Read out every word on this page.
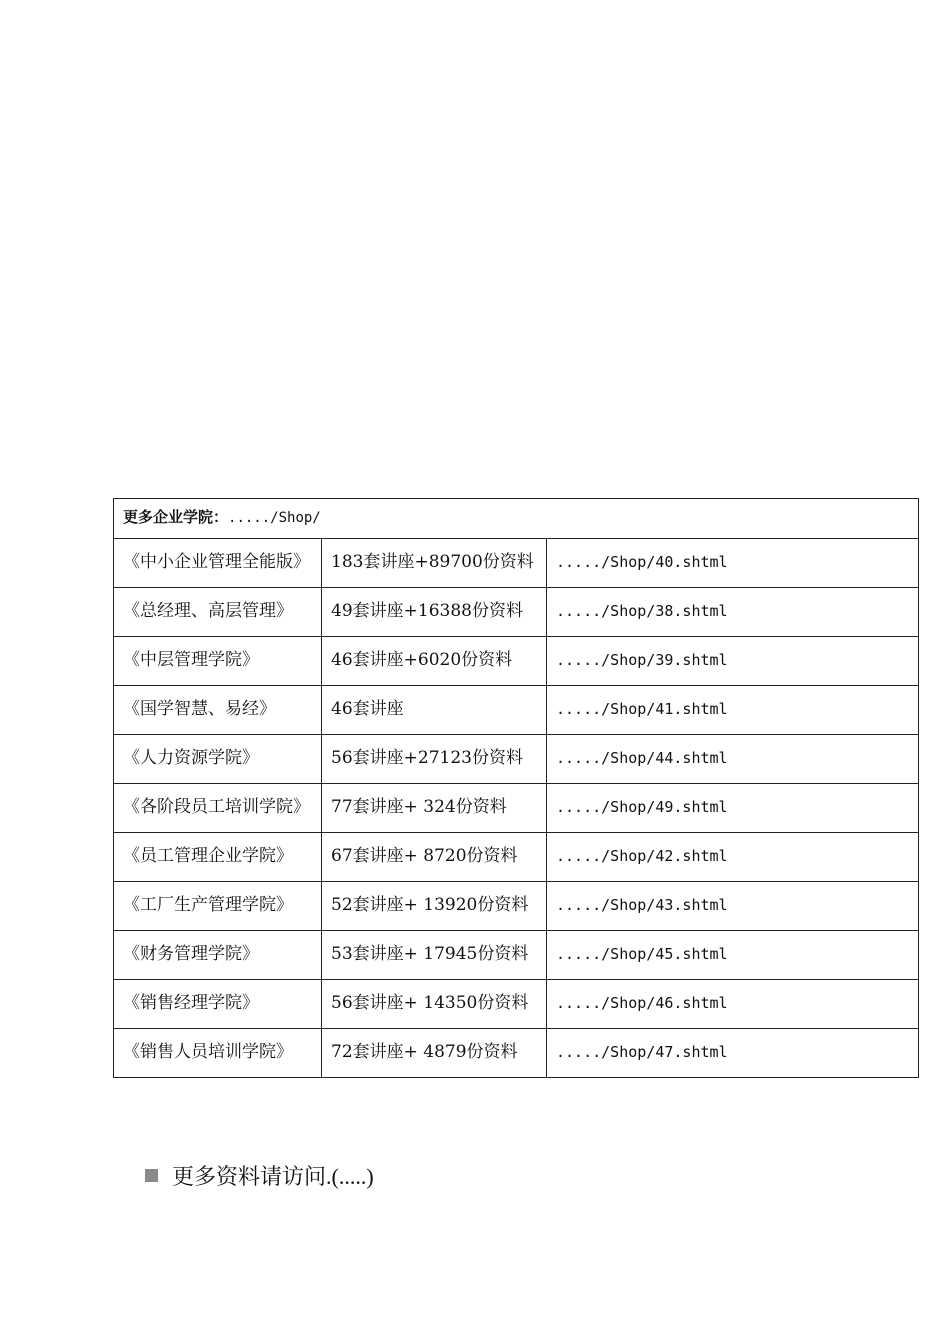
更多企业学院：...../Shop/		
《中小企业管理全能版》	183套讲座+89700份资料	...../Shop/40.shtml
《总经理、高层管理》	49套讲座+16388份资料	...../Shop/38.shtml
《中层管理学院》	46套讲座+6020份资料	...../Shop/39.shtml
《国学智慧、易经》	46套讲座	...../Shop/41.shtml
《人力资源学院》	56套讲座+27123份资料	...../Shop/44.shtml
《各阶段员工培训学院》	77套讲座+ 324份资料	...../Shop/49.shtml
《员工管理企业学院》	67套讲座+ 8720份资料	...../Shop/42.shtml
《工厂生产管理学院》	52套讲座+ 13920份资料	...../Shop/43.shtml
《财务管理学院》	53套讲座+ 17945份资料	...../Shop/45.shtml
《销售经理学院》	56套讲座+ 14350份资料	...../Shop/46.shtml
《销售人员培训学院》	72套讲座+ 4879份资料	...../Shop/47.shtml
更多资料请访问.(.....)
